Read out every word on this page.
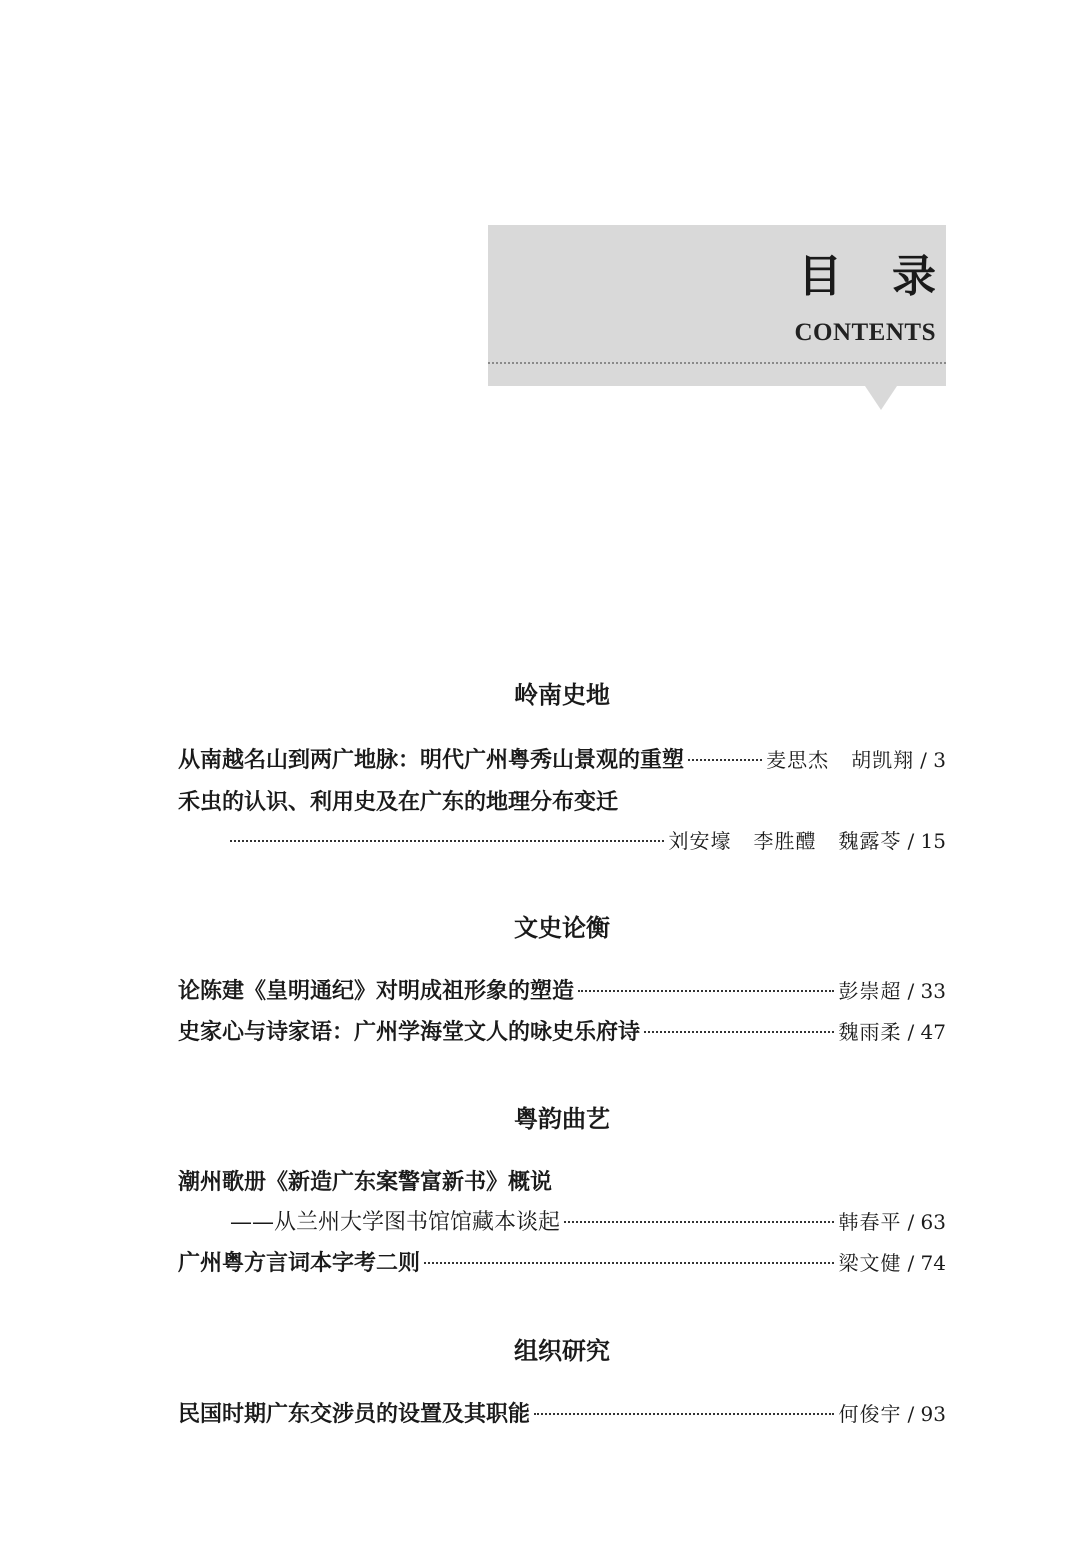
目录
CONTENTS
岭南史地
从南越名山到两广地脉：明代广州粤秀山景观的重塑	麦思杰 胡凯翔 / 3
禾虫的认识、利用史及在广东的地理分布变迁
刘安壕 李胜醴 魏露苓 / 15
文史论衡
论陈建《皇明通纪》对明成祖形象的塑造	彭崇超 / 33
史家心与诗家语：广州学海堂文人的咏史乐府诗	魏雨柔 / 47
粤韵曲艺
潮州歌册《新造广东案警富新书》概说
——从兰州大学图书馆馆藏本谈起	韩春平 / 63
广州粤方言词本字考二则	梁文健 / 74
组织研究
民国时期广东交涉员的设置及其职能	何俊宇 / 93
